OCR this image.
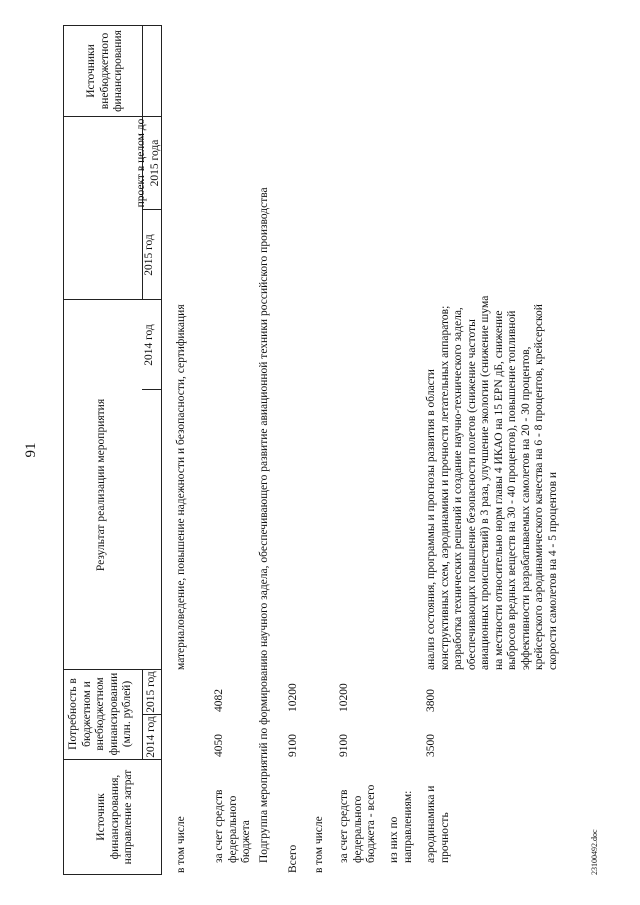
91
23100492.doc
Источник финансирования, направление затрат
Потребность в бюджетном и внебюджетном финансировании (млн. рублей) 2014 год
2015 год
Результат реализации мероприятия
2014 год
2015 год
проект в целом до 2015 года
Источники внебюджетного финансирования
в том числе
материаловедение, повышение надежности и безопасности, сертификация
за счет средств федерального бюджета
4050
4082	Подгруппа мероприятий по формированию научного задела, обеспечивающего развитие авиационной техники российского производства Всего
9100
10200
в том числе за счет средств федерального бюджета - всего
9100
10200
из них по направлениям: аэродинамика и прочность
3500
3800
анализ состояния, программы и прогнозы развития в области конструктивных схем, аэродинамики и прочности летательных аппаратов; разработка технических решений и создание научно-технического задела, обеспечивающих повышение безопасности полетов (снижение частоты авиационных происшествий) в 3 раза, улучшение экологии (снижение шума на местности относительно норм главы 4 ИКАО на 15 EPN дБ, снижение выбросов вредных веществ на 30 - 40 процентов), повышение топливной эффективности разрабатываемых самолетов на 20 - 30 процентов, крейсерского аэродинамического качества на 6 - 8 процентов, крейсерской скорости самолетов на 4 - 5 процентов и
